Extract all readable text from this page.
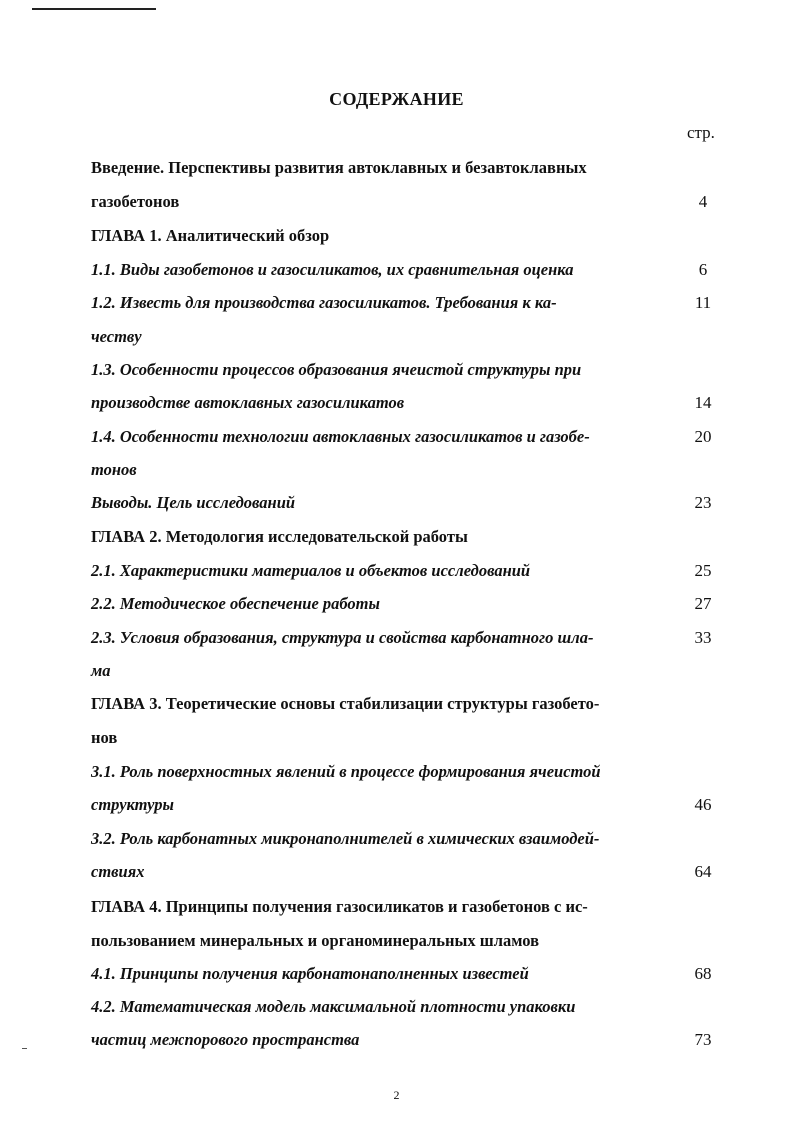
СОДЕРЖАНИЕ
стр.
Введение. Перспективы развития автоклавных и безавтоклавных
газобетонов	4
ГЛАВА 1. Аналитический обзор
1.1. Виды газобетонов и газосиликатов, их сравнительная оценка	6
1.2. Известь для производства газосиликатов. Требования к ка-	11
честву
1.3. Особенности процессов образования ячеистой структуры при
производстве автоклавных газосиликатов	14
1.4. Особенности технологии автоклавных газосиликатов и газобе-	20
тонов
Выводы. Цель исследований	23
ГЛАВА 2. Методология исследовательской работы
2.1. Характеристики материалов и объектов исследований	25
2.2. Методическое обеспечение работы	27
2.3. Условия образования, структура и свойства карбонатного шла-	33
ма
ГЛАВА 3. Теоретические основы стабилизации структуры газобето-
нов
3.1. Роль поверхностных явлений в процессе формирования ячеистой
структуры	46
3.2. Роль карбонатных микронаполнителей в химических взаимодей-
ствиях	64
ГЛАВА 4. Принципы получения газосиликатов и газобетонов с ис-
пользованием минеральных и органоминеральных шламов
4.1. Принципы получения карбонатонаполненных известей	68
4.2. Математическая модель максимальной плотности упаковки
частиц межпорового пространства	73
2
